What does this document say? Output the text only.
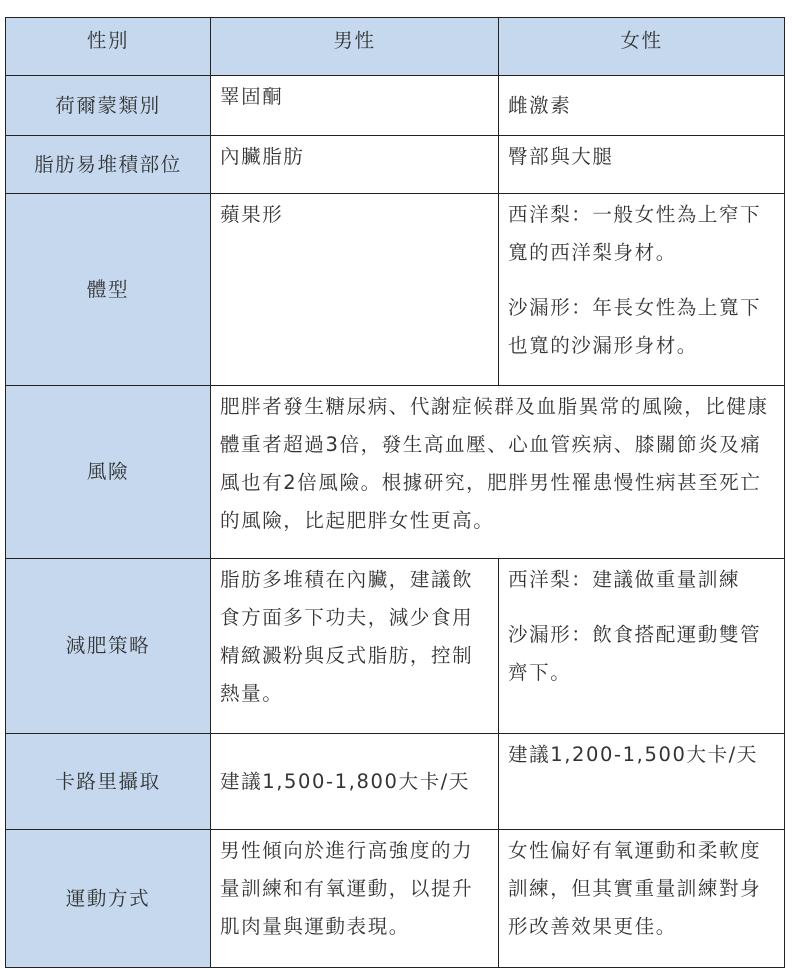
性別	男性	女性
荷爾蒙類別	睪固酮	雌激素
脂肪易堆積部位	內臟脂肪	臀部與大腿
體型	蘋果形	西洋梨：一般女性為上窄下寬的西洋梨身材。

沙漏形：年長女性為上寬下也寬的沙漏形身材。

風險	肥胖者發生糖尿病、代謝症候群及血脂異常的風險，比健康體重者超過3倍，發生高血壓、心血管疾病、膝關節炎及痛風也有2倍風險。根據研究，肥胖男性罹患慢性病甚至死亡的風險，比起肥胖女性更高。	
減肥策略	脂肪多堆積在內臟，建議飲食方面多下功夫，減少食用精緻澱粉與反式脂肪，控制熱量。	西洋梨：建議做重量訓練

沙漏形：飲食搭配運動雙管齊下。

卡路里攝取	建議1,500-1,800大卡/天	建議1,200-1,500大卡/天
運動方式	男性傾向於進行高強度的力量訓練和有氧運動，以提升肌肉量與運動表現。	女性偏好有氧運動和柔軟度訓練，但其實重量訓練對身形改善效果更佳。
